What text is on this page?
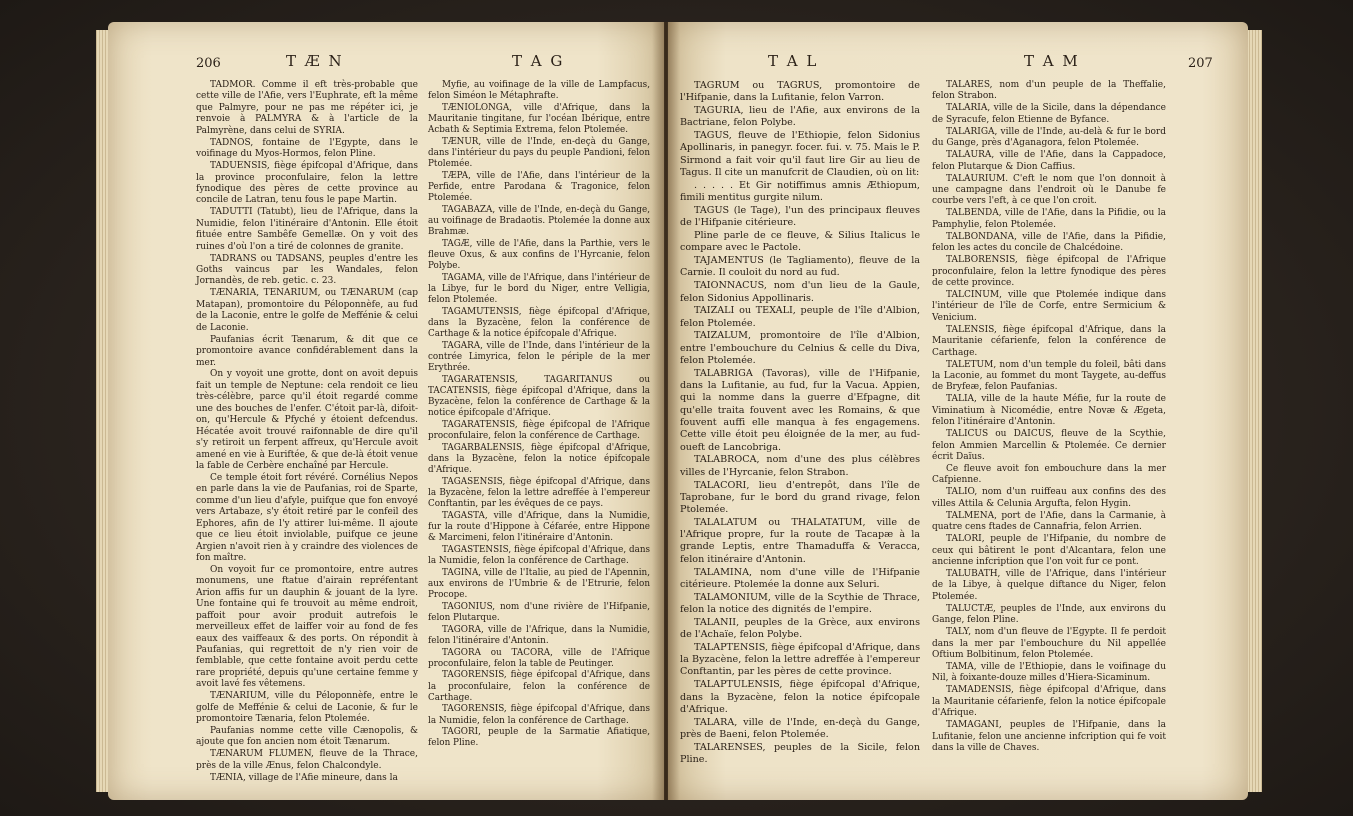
206	T Æ N	T A G

TADMOR. Comme il eft très-probable que cette ville de l'Afie, vers l'Euphrate, eft la même que Palmyre, pour ne pas me répéter ici, je renvoie à PALMYRA & à l'article de la Palmyrène, dans celui de SYRIA.

TADNOS, fontaine de l'Egypte, dans le voifinage du Myos-Hormos, felon Pline.

TADUENSIS, fiège épifcopal d'Afrique, dans la province proconfulaire, felon la lettre fynodique des pères de cette province au concile de Latran, tenu fous le pape Martin.

TADUTTI (Tatubt), lieu de l'Afrique, dans la Numidie, felon l'itinéraire d'Antonin. Elle étoit fituée entre Sambêfe Gemellæ. On y voit des ruines d'où l'on a tiré de colonnes de granite.

TADRANS ou TADSANS, peuples d'entre les Goths vaincus par les Wandales, felon Jornandès, de reb. getic. c. 23.

TÆNARIA, TENARIUM, ou TÆNARUM (cap Matapan), promontoire du Péloponnèfe, au fud de la Laconie, entre le golfe de Meffénie & celui de Laconie.

Paufanias écrit Tænarum, & dit que ce promontoire avance confidérablement dans la mer.

On y voyoit une grotte, dont on avoit depuis fait un temple de Neptune: cela rendoit ce lieu très-célèbre, parce qu'il étoit regardé comme une des bouches de l'enfer. C'étoit par-là, difoit-on, qu'Hercule & Pfyché y étoient defcendus. Hécatée avoit trouvé raifonnable de dire qu'il s'y retiroit un ferpent affreux, qu'Hercule avoit amené en vie à Euriftée, & que de-là étoit venue la fable de Cerbère enchaîné par Hercule.

Ce temple étoit fort révéré. Cornélius Nepos en parle dans la vie de Paufanias, roi de Sparte, comme d'un lieu d'afyle, puifque que fon envoyé vers Artabaze, s'y étoit retiré par le confeil des Ephores, afin de l'y attirer lui-même. Il ajoute que ce lieu étoit inviolable, puifque ce jeune Argien n'avoit rien à y craindre des violences de fon maître.

On voyoit fur ce promontoire, entre autres monumens, une ftatue d'airain repréfentant Arion affis fur un dauphin & jouant de la lyre. Une fontaine qui fe trouvoit au même endroit, paffoit pour avoir produit autrefois le merveilleux effet de laiffer voir au fond de fes eaux des vaiffeaux & des ports. On répondit à Paufanias, qui regrettoit de n'y rien voir de femblable, que cette fontaine avoit perdu cette rare propriété, depuis qu'une certaine femme y avoit lavé fes vêtemens.

TÆNARIUM, ville du Péloponnèfe, entre le golfe de Meffénie & celui de Laconie, & fur le promontoire Tænaria, felon Ptolemée.

Paufanias nomme cette ville Cænopolis, & ajoute que fon ancien nom étoit Tænarum.

TÆNARUM FLUMEN, fleuve de la Thrace, près de la ville Ænus, felon Chalcondyle.

TÆNIA, village de l'Afie mineure, dans la

Myfie, au voifinage de la ville de Lampfacus, felon Siméon le Métaphrafte.

TÆNIOLONGA, ville d'Afrique, dans la Mauritanie tingitane, fur l'océan Ibérique, entre Acbath & Septimia Extrema, felon Ptolemée.

TÆNUR, ville de l'Inde, en-deçà du Gange, dans l'intérieur du pays du peuple Pandioni, felon Ptolemée.

TÆPA, ville de l'Afie, dans l'intérieur de la Perfide, entre Parodana & Tragonice, felon Ptolemée.

TAGABAZA, ville de l'Inde, en-deçà du Gange, au voifinage de Bradaotis. Ptolemée la donne aux Brahmæ.

TAGÆ, ville de l'Afie, dans la Parthie, vers le fleuve Oxus, & aux confins de l'Hyrcanie, felon Polybe.

TAGAMA, ville de l'Afrique, dans l'intérieur de la Libye, fur le bord du Niger, entre Velligia, felon Ptolemée.

TAGAMUTENSIS, fiège épifcopal d'Afrique, dans la Byzacène, felon la conférence de Carthage & la notice épifcopale d'Afrique.

TAGARA, ville de l'Inde, dans l'intérieur de la contrée Limyrica, felon le périple de la mer Erythrée.

TAGARATENSIS, TAGARITANUS ou TACATENSIS, fiège épifcopal d'Afrique, dans la Byzacène, felon la conférence de Carthage & la notice épifcopale d'Afrique.

TAGARATENSIS, fiège épifcopal de l'Afrique proconfulaire, felon la conférence de Carthage.

TAGARBALENSIS, fiège épifcopal d'Afrique, dans la Byzacène, felon la notice épifcopale d'Afrique.

TAGASENSIS, fiège épifcopal d'Afrique, dans la Byzacène, felon la lettre adreffée à l'empereur Conftantin, par les évêques de ce pays.

TAGASTA, ville d'Afrique, dans la Numidie, fur la route d'Hippone à Céfarée, entre Hippone & Marcimeni, felon l'itinéraire d'Antonin.

TAGASTENSIS, fiège épifcopal d'Afrique, dans la Numidie, felon la conférence de Carthage.

TAGINA, ville de l'Italie, au pied de l'Apennin, aux environs de l'Umbrie & de l'Etrurie, felon Procope.

TAGONIUS, nom d'une rivière de l'Hifpanie, felon Plutarque.

TAGORA, ville de l'Afrique, dans la Numidie, felon l'itinéraire d'Antonin.

TAGORA ou TACORA, ville de l'Afrique proconfulaire, felon la table de Peutinger.

TAGORENSIS, fiège épifcopal d'Afrique, dans la proconfulaire, felon la conférence de Carthage.

TAGORENSIS, fiège épifcopal d'Afrique, dans la Numidie, felon la conférence de Carthage.

TAGORI, peuple de la Sarmatie Afiatique, felon Pline.

T A L	T A M	207

TAGRUM ou TAGRUS, promontoire de l'Hifpanie, dans la Lufitanie, felon Varron.

TAGURIA, lieu de l'Afie, aux environs de la Bactriane, felon Polybe.

TAGUS, fleuve de l'Ethiopie, felon Sidonius Apollinaris, in panegyr. focer. fui. v. 75. Mais le P. Sirmond a fait voir qu'il faut lire Gir au lieu de Tagus. Il cite un manufcrit de Claudien, où on lit:

. . . . . Et Gir notiffimus amnis Æthiopum, fimili mentitus gurgite nilum.

TAGUS (le Tage), l'un des principaux fleuves de l'Hifpanie citérieure.

Pline parle de ce fleuve, & Silius Italicus le compare avec le Pactole.

TAJAMENTUS (le Tagliamento), fleuve de la Carnie. Il couloit du nord au fud.

TAIONNACUS, nom d'un lieu de la Gaule, felon Sidonius Appollinaris.

TAIZALI ou TEXALI, peuple de l'île d'Albion, felon Ptolemée.

TAIZALUM, promontoire de l'île d'Albion, entre l'embouchure du Celnius & celle du Diva, felon Ptolemée.

TALABRIGA (Tavoras), ville de l'Hifpanie, dans la Lufitanie, au fud, fur la Vacua. Appien, qui la nomme dans la guerre d'Efpagne, dit qu'elle traita fouvent avec les Romains, & que fouvent auffi elle manqua à fes engagemens. Cette ville étoit peu éloignée de la mer, au fud-oueft de Lancobriga.

TALABROCA, nom d'une des plus célèbres villes de l'Hyrcanie, felon Strabon.

TALACORI, lieu d'entrepôt, dans l'île de Taprobane, fur le bord du grand rivage, felon Ptolemée.

TALALATUM ou THALATATUM, ville de l'Afrique propre, fur la route de Tacapæ à la grande Leptis, entre Thamaduffa & Veracca, felon itinéraire d'Antonin.

TALAMINA, nom d'une ville de l'Hifpanie citérieure. Ptolemée la donne aux Seluri.

TALAMONIUM, ville de la Scythie de Thrace, felon la notice des dignités de l'empire.

TALANII, peuples de la Grèce, aux environs de l'Achaïe, felon Polybe.

TALAPTENSIS, fiège épifcopal d'Afrique, dans la Byzacène, felon la lettre adreffée à l'empereur Conftantin, par les pères de cette province.

TALAPTULENSIS, fiège épifcopal d'Afrique, dans la Byzacène, felon la notice épifcopale d'Afrique.

TALARA, ville de l'Inde, en-deçà du Gange, près de Baeni, felon Ptolemée.

TALARENSES, peuples de la Sicile, felon Pline.

TALARES, nom d'un peuple de la Theffalie, felon Strabon.

TALARIA, ville de la Sicile, dans la dépendance de Syracufe, felon Etienne de Byfance.

TALARIGA, ville de l'Inde, au-delà & fur le bord du Gange, près d'Aganagora, felon Ptolemée.

TALAURA, ville de l'Afie, dans la Cappadoce, felon Plutarque & Dion Caffius.

TALAURIUM. C'eft le nom que l'on donnoit à une campagne dans l'endroit où le Danube fe courbe vers l'eft, à ce que l'on croit.

TALBENDA, ville de l'Afie, dans la Pifidie, ou la Pamphylie, felon Ptolemée.

TALBONDANA, ville de l'Afie, dans la Pifidie, felon les actes du concile de Chalcédoine.

TALBORENSIS, fiège épifcopal de l'Afrique proconfulaire, felon la lettre fynodique des pères de cette province.

TALCINUM, ville que Ptolemée indique dans l'intérieur de l'île de Corfe, entre Sermicium & Venicium.

TALENSIS, fiège épifcopal d'Afrique, dans la Mauritanie céfarienfe, felon la conférence de Carthage.

TALETUM, nom d'un temple du foleil, bâti dans la Laconie, au fommet du mont Taygete, au-deffus de Bryfeæ, felon Paufanias.

TALIA, ville de la haute Méfie, fur la route de Viminatium à Nicomédie, entre Novæ & Ægeta, felon l'itinéraire d'Antonin.

TALICUS ou DAICUS, fleuve de la Scythie, felon Ammien Marcellin & Ptolemée. Ce dernier écrit Daïus.

Ce fleuve avoit fon embouchure dans la mer Cafpienne.

TALIO, nom d'un ruiffeau aux confins des des villes Attila & Celunia Argufta, felon Hygin.

TALMENA, port de l'Afie, dans la Carmanie, à quatre cens ftades de Cannafria, felon Arrien.

TALORI, peuple de l'Hifpanie, du nombre de ceux qui bâtirent le pont d'Alcantara, felon une ancienne infcription que l'on voit fur ce pont.

TALUBATH, ville de l'Afrique, dans l'intérieur de la Libye, à quelque diftance du Niger, felon Ptolemée.

TALUCTÆ, peuples de l'Inde, aux environs du Gange, felon Pline.

TALY, nom d'un fleuve de l'Egypte. Il fe perdoit dans la mer par l'embouchure du Nil appellée Oftium Bolbitinum, felon Ptolemée.

TAMA, ville de l'Ethiopie, dans le voifinage du Nil, à foixante-douze milles d'Hiera-Sicaminum.

TAMADENSIS, fiège épifcopal d'Afrique, dans la Mauritanie céfarienfe, felon la notice épifcopale d'Afrique.

TAMAGANI, peuples de l'Hifpanie, dans la Lufitanie, felon une ancienne infcription qui fe voit dans la ville de Chaves.
